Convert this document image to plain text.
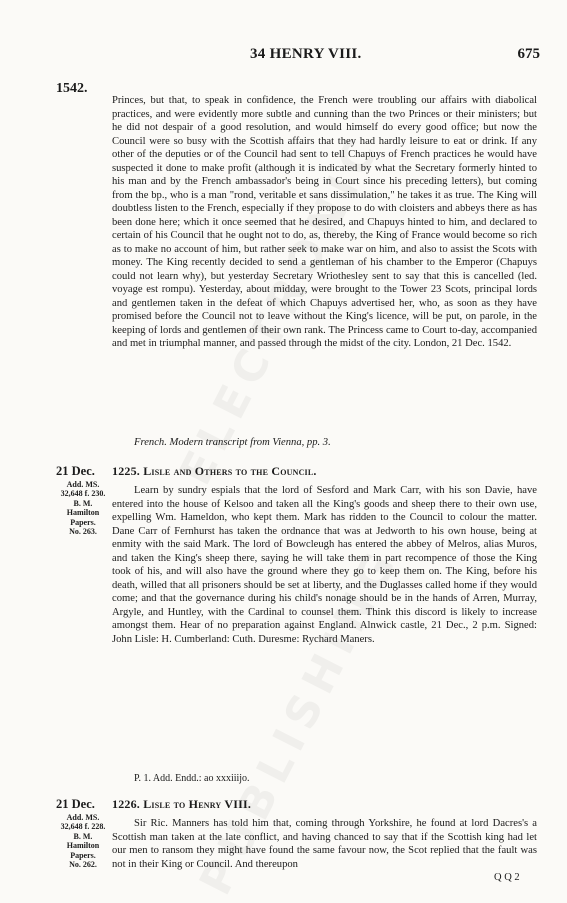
34 HENRY VIII.	675
1542.

Princes, but that, to speak in confidence, the French were troubling our affairs with diabolical practices, and were evidently more subtle and cunning than the two Princes or their ministers; but he did not despair of a good resolution, and would himself do every good office; but now the Council were so busy with the Scottish affairs that they had hardly leisure to eat or drink. If any other of the deputies or of the Council had sent to tell Chapuys of French practices he would have suspected it done to make profit (although it is indicated by what the Secretary formerly hinted to his man and by the French ambassador's being in Court since his preceding letters), but coming from the bp., who is a man "rond, veritable et sans dissimulation," he takes it as true. The King will doubtless listen to the French, especially if they propose to do with cloisters and abbeys there as has been done here; which it once seemed that he desired, and Chapuys hinted to him, and declared to certain of his Council that he ought not to do, as, thereby, the King of France would become so rich as to make no account of him, but rather seek to make war on him, and also to assist the Scots with money. The King recently decided to send a gentleman of his chamber to the Emperor (Chapuys could not learn why), but yesterday Secretary Wriothesley sent to say that this is cancelled (led. voyage est rompu). Yesterday, about midday, were brought to the Tower 23 Scots, principal lords and gentlemen taken in the defeat of which Chapuys advertised her, who, as soon as they have promised before the Council not to leave without the King's licence, will be put, on parole, in the keeping of lords and gentlemen of their own rank. The Princess came to Court to-day, accompanied and met in triumphal manner, and passed through the midst of the city. London, 21 Dec. 1542.

French. Modern transcript from Vienna, pp. 3.

21 Dec.
Add. MS.
32,648 f. 230.
B. M.
Hamilton
Papers.
No. 263.
1225. Lisle and Others to the Council.

Learn by sundry espials that the lord of Sesford and Mark Carr, with his son Davie, have entered into the house of Kelsoo and taken all the King's goods and sheep there to their own use, expelling Wm. Hameldon, who kept them. Mark has ridden to the Council to colour the matter. Dane Carr of Fernhurst has taken the ordnance that was at Jedworth to his own house, being at enmity with the said Mark. The lord of Bowcleugh has entered the abbey of Melros, alias Muros, and taken the King's sheep there, saying he will take them in part recompence of those the King took of his, and will also have the ground where they go to keep them on. The King, before his death, willed that all prisoners should be set at liberty, and the Duglasses called home if they would come; and that the governance during his child's nonage should be in the hands of Arren, Murray, Argyle, and Huntley, with the Cardinal to counsel them. Think this discord is likely to increase amongst them. Hear of no preparation against England. Alnwick castle, 21 Dec., 2 p.m. Signed: John Lisle: H. Cumberland: Cuth. Duresme: Rychard Maners.

P. 1. Add. Endd.: ao xxxiiijo.

21 Dec.
Add. MS.
32,648 f. 228.
B. M.
Hamilton
Papers.
No. 262.
1226. Lisle to Henry VIII.

Sir Ric. Manners has told him that, coming through Yorkshire, he found at lord Dacres's a Scottish man taken at the late conflict, and having chanced to say that if the Scottish king had let our men to ransom they might have found the same favour now, the Scot replied that the fault was not in their King or Council. And thereupon

Q Q 2
